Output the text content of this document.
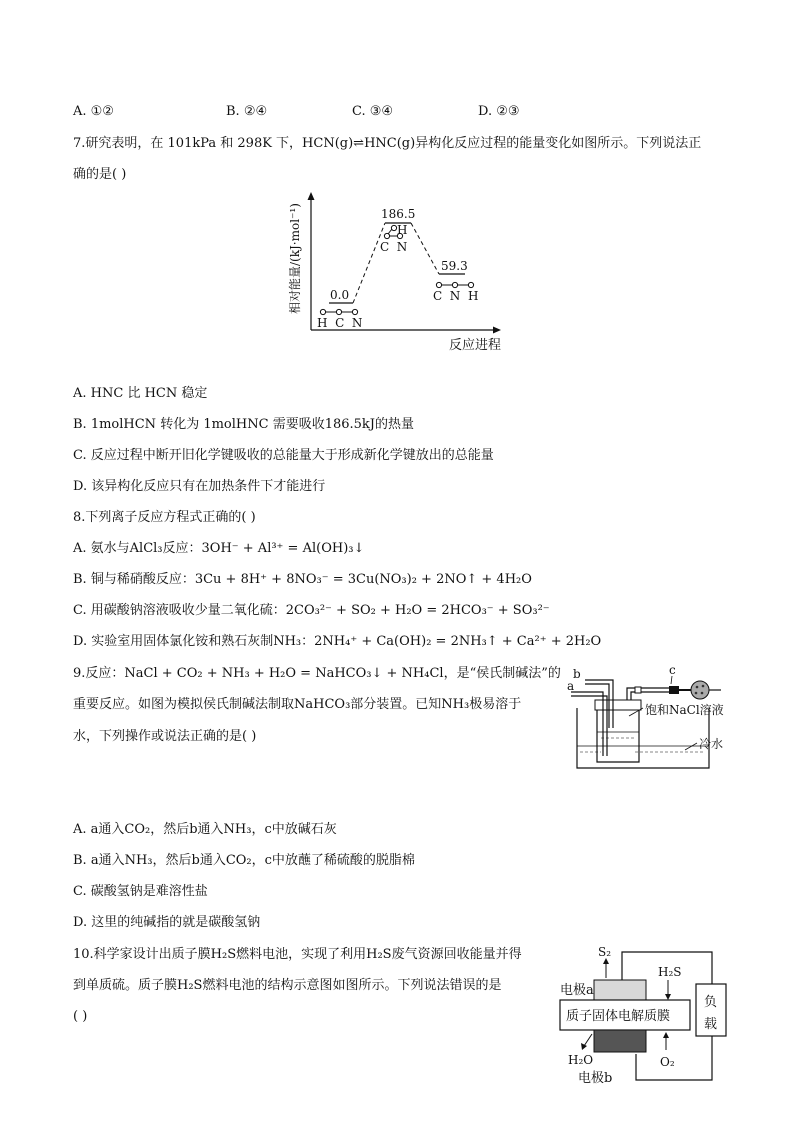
A. ①②	B. ②④	C. ③④	D. ②③
7.研究表明，在 101kPa 和 298K 下，HCN(g)⇌HNC(g)异构化反应过程的能量变化如图所示。下列说法正
确的是( )
相对能量/(kJ·mol⁻¹)
反应进程
0.0
186.5
59.3
H  C  N
H
C  N
C  N  H
A. HNC 比 HCN 稳定
B. 1molHCN 转化为 1molHNC 需要吸收186.5kJ的热量
C. 反应过程中断开旧化学键吸收的总能量大于形成新化学键放出的总能量
D. 该异构化反应只有在加热条件下才能进行
8.下列离子反应方程式正确的( )
A. 氨水与AlCl₃反应：3OH⁻ + Al³⁺ = Al(OH)₃↓
B. 铜与稀硝酸反应：3Cu + 8H⁺ + 8NO₃⁻ = 3Cu(NO₃)₂ + 2NO↑ + 4H₂O
C. 用碳酸钠溶液吸收少量二氧化硫：2CO₃²⁻ + SO₂ + H₂O = 2HCO₃⁻ + SO₃²⁻
D. 实验室用固体氯化铵和熟石灰制NH₃：2NH₄⁺ + Ca(OH)₂ = 2NH₃↑ + Ca²⁺ + 2H₂O
9.反应：NaCl + CO₂ + NH₃ + H₂O = NaHCO₃↓ + NH₄Cl，是“侯氏制碱法”的
重要反应。如图为模拟侯氏制碱法制取NaHCO₃部分装置。已知NH₃极易溶于
水，下列操作或说法正确的是( )
b
a
c
饱和NaCl溶液
冷水
A. a通入CO₂，然后b通入NH₃，c中放碱石灰
B. a通入NH₃，然后b通入CO₂，c中放蘸了稀硫酸的脱脂棉
C. 碳酸氢钠是难溶性盐
D. 这里的纯碱指的就是碳酸氢钠
10.科学家设计出质子膜H₂S燃料电池，实现了利用H₂S废气资源回收能量并得
到单质硫。质子膜H₂S燃料电池的结构示意图如图所示。下列说法错误的是
( )
S₂
H₂S
电极a
质子固体电解质膜
负
载
H₂O	O₂
电极b
